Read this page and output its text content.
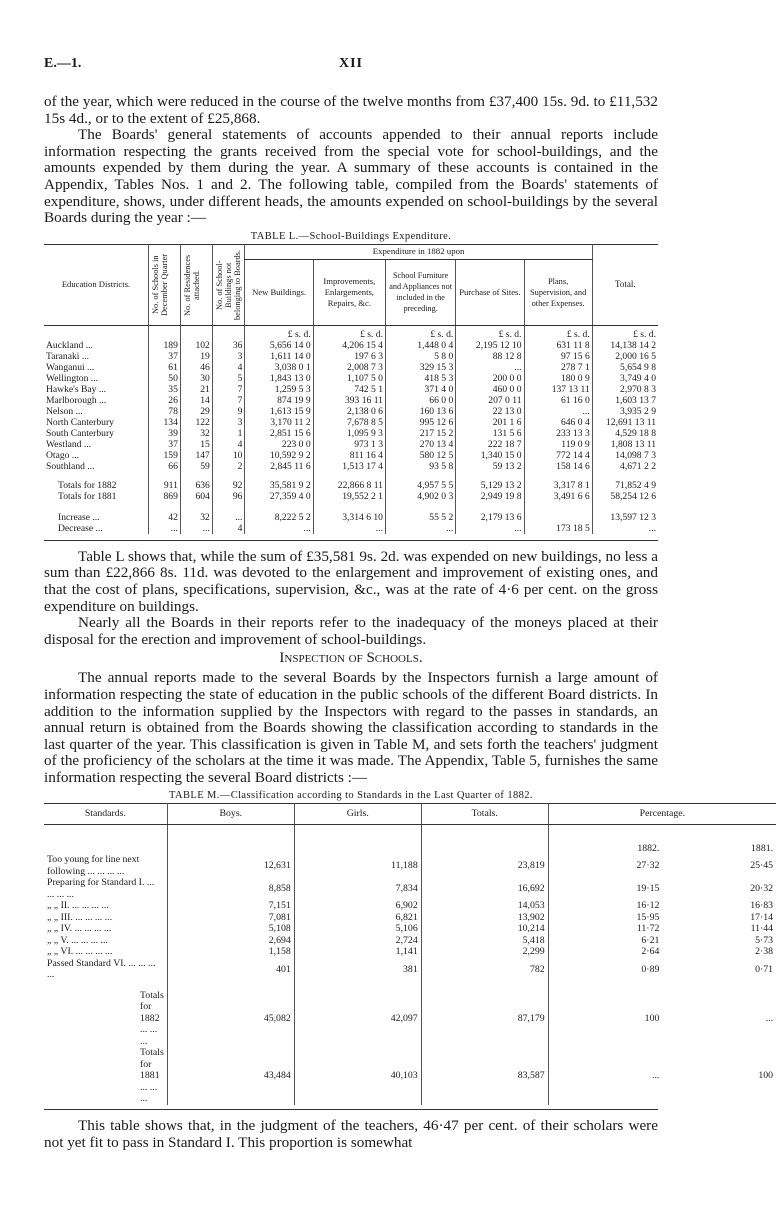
E.—1.	XII

of the year, which were reduced in the course of the twelve months from £37,400 15s. 9d. to £11,532 15s 4d., or to the extent of £25,868.

The Boards' general statements of accounts appended to their annual reports include information respecting the grants received from the special vote for school-buildings, and the amounts expended by them during the year. A summary of these accounts is contained in the Appendix, Tables Nos. 1 and 2. The following table, compiled from the Boards' statements of expenditure, shows, under different heads, the amounts expended on school-buildings by the several Boards during the year :—

TABLE L.—School-Buildings Expenditure.
Education Districts.	No. of Schools in December Quarter	No. of Residences attached.	No. of School-Buildings not belonging to Boards.	Expenditure in 1882 upon					Total.
				New Buildings.	Improvements, Enlargements, Repairs, &c.	School Furniture and Appliances not included in the preceding.	Purchase of Sites.	Plans, Supervision, and other Expenses.	
				£ s. d.	£ s. d.	£ s. d.	£ s. d.	£ s. d.	£ s. d.
Auckland ...	189	102	36	5,656 14 0	4,206 15 4	1,448 0 4	2,195 12 10	631 11 8	14,138 14 2
Taranaki ...	37	19	3	1,611 14 0	197 6 3	5 8 0	88 12 8	97 15 6	2,000 16 5
Wanganui ...	61	46	4	3,038 0 1	2,008 7 3	329 15 3	...	278 7 1	5,654 9 8
Wellington ...	50	30	5	1,843 13 0	1,107 5 0	418 5 3	200 0 0	180 0 9	3,749 4 0
Hawke's Bay ...	35	21	7	1,259 5 3	742 5 1	371 4 0	460 0 0	137 13 11	2,970 8 3
Marlborough ...	26	14	7	874 19 9	393 16 11	66 0 0	207 0 11	61 16 0	1,603 13 7
Nelson ...	78	29	9	1,613 15 9	2,138 0 6	160 13 6	22 13 0	...	3,935 2 9
North Canterbury	134	122	3	3,170 11 2	7,678 8 5	995 12 6	201 1 6	646 0 4	12,691 13 11
South Canterbury	39	32	1	2,851 15 6	1,095 9 3	217 15 2	131 5 6	233 13 3	4,529 18 8
Westland ...	37	15	4	223 0 0	973 1 3	270 13 4	222 18 7	119 0 9	1,808 13 11
Otago ...	159	147	10	10,592 9 2	811 16 4	580 12 5	1,340 15 0	772 14 4	14,098 7 3
Southland ...	66	59	2	2,845 11 6	1,513 17 4	93 5 8	59 13 2	158 14 6	4,671 2 2
Totals for 1882	911	636	92	35,581 9 2	22,866 8 11	4,957 5 5	5,129 13 2	3,317 8 1	71,852 4 9
Totals for 1881	869	604	96	27,359 4 0	19,552 2 1	4,902 0 3	2,949 19 8	3,491 6 6	58,254 12 6
Increase ...	42	32	...	8,222 5 2	3,314 6 10	55 5 2	2,179 13 6		13,597 12 3
Decrease ...	...	...	4	...	...	...	...	173 18 5	...

Table L shows that, while the sum of £35,581 9s. 2d. was expended on new buildings, no less a sum than £22,866 8s. 11d. was devoted to the enlargement and improvement of existing ones, and that the cost of plans, specifications, supervision, &c., was at the rate of 4·6 per cent. on the gross expenditure on buildings.

Nearly all the Boards in their reports refer to the inadequacy of the moneys placed at their disposal for the erection and improvement of school-buildings.

Inspection of Schools.

The annual reports made to the several Boards by the Inspectors furnish a large amount of information respecting the state of education in the public schools of the different Board districts. In addition to the information supplied by the Inspectors with regard to the passes in standards, an annual return is obtained from the Boards showing the classification according to standards in the last quarter of the year. This classification is given in Table M, and sets forth the teachers' judgment of the proficiency of the scholars at the time it was made. The Appendix, Table 5, furnishes the same information respecting the several Board districts :—

TABLE M.—Classification according to Standards in the Last Quarter of 1882.
Standards.	Boys.	Girls.	Totals.	Percentage.	
				1882.	1881.
Too young for line next following ... ... ... ...	12,631	11,188	23,819	27·32	25·45
Preparing for Standard I. ... ... ... ...	8,858	7,834	16,692	19·15	20·32
„ „ II. ... ... ... ...	7,151	6,902	14,053	16·12	16·83
„ „ III. ... ... ... ...	7,081	6,821	13,902	15·95	17·14
„ „ IV. ... ... ... ...	5,108	5,106	10,214	11·72	11·44
„ „ V. ... ... ... ...	2,694	2,724	5,418	6·21	5·73
„ „ VI. ... ... ... ...	1,158	1,141	2,299	2·64	2·38
Passed Standard VI. ... ... ... ...	401	381	782	0·89	0·71
Totals for 1882 ... ... ...	45,082	42,097	87,179	100	...
Totals for 1881 ... ... ...	43,484	40,103	83,587	...	100

This table shows that, in the judgment of the teachers, 46·47 per cent. of their scholars were not yet fit to pass in Standard I. This proportion is somewhat
